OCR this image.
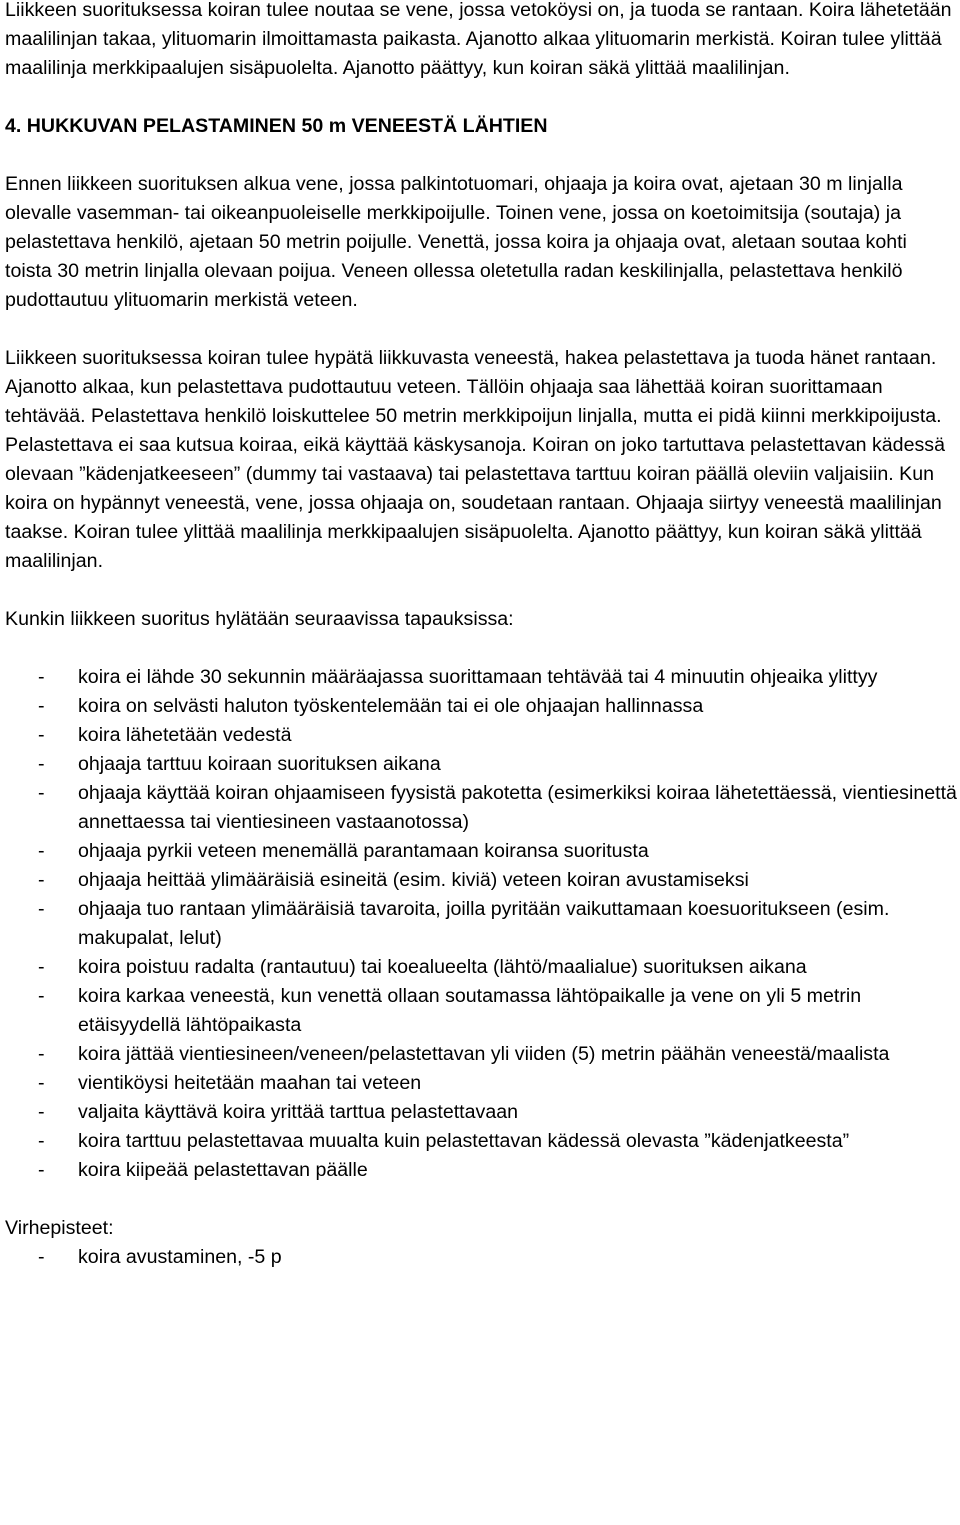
Liikkeen suorituksessa koiran tulee noutaa se vene, jossa vetoköysi on, ja tuoda se rantaan. Koira lähetetään maalilinjan takaa, ylituomarin ilmoittamasta paikasta. Ajanotto alkaa ylituomarin merkistä. Koiran tulee ylittää maalilinja merkkipaalujen sisäpuolelta. Ajanotto päättyy, kun koiran säkä ylittää maalilinjan.

4. HUKKUVAN PELASTAMINEN 50 m VENEESTÄ LÄHTIEN

Ennen liikkeen suorituksen alkua vene, jossa palkintotuomari, ohjaaja ja koira ovat, ajetaan 30 m linjalla olevalle vasemman- tai oikeanpuoleiselle merkkipoijulle. Toinen vene, jossa on koetoimitsija (soutaja) ja pelastettava henkilö, ajetaan 50 metrin poijulle. Venettä, jossa koira ja ohjaaja ovat, aletaan soutaa kohti toista 30 metrin linjalla olevaan poijua. Veneen ollessa oletetulla radan keskilinjalla, pelastettava henkilö pudottautuu ylituomarin merkistä veteen.

Liikkeen suorituksessa koiran tulee hypätä liikkuvasta veneestä, hakea pelastettava ja tuoda hänet rantaan. Ajanotto alkaa, kun pelastettava pudottautuu veteen. Tällöin ohjaaja saa lähettää koiran suorittamaan tehtävää. Pelastettava henkilö loiskuttelee 50 metrin merkkipoijun linjalla, mutta ei pidä kiinni merkkipoijusta. Pelastettava ei saa kutsua koiraa, eikä käyttää käskysanoja. Koiran on joko tartuttava pelastettavan kädessä olevaan ”kädenjatkeeseen” (dummy tai vastaava) tai pelastettava tarttuu koiran päällä oleviin valjaisiin. Kun koira on hypännyt veneestä, vene, jossa ohjaaja on, soudetaan rantaan. Ohjaaja siirtyy veneestä maalilinjan taakse. Koiran tulee ylittää maalilinja merkkipaalujen sisäpuolelta. Ajanotto päättyy, kun koiran säkä ylittää maalilinjan.

Kunkin liikkeen suoritus hylätään seuraavissa tapauksissa:

- koira ei lähde 30 sekunnin määräajassa suorittamaan tehtävää tai 4 minuutin ohjeaika ylittyy
- koira on selvästi haluton työskentelemään tai ei ole ohjaajan hallinnassa
- koira lähetetään vedestä
- ohjaaja tarttuu koiraan suorituksen aikana
- ohjaaja käyttää koiran ohjaamiseen fyysistä pakotetta (esimerkiksi koiraa lähetettäessä, vientiesinettä annettaessa tai vientiesineen vastaanotossa)
- ohjaaja pyrkii veteen menemällä parantamaan koiransa suoritusta
- ohjaaja heittää ylimääräisiä esineitä (esim. kiviä) veteen koiran avustamiseksi
- ohjaaja tuo rantaan ylimääräisiä tavaroita, joilla pyritään vaikuttamaan koesuoritukseen (esim. makupalat, lelut)
- koira poistuu radalta (rantautuu) tai koealueelta (lähtö/maalialue) suorituksen aikana
- koira karkaa veneestä, kun venettä ollaan soutamassa lähtöpaikalle ja vene on yli 5 metrin etäisyydellä lähtöpaikasta
- koira jättää vientiesineen/veneen/pelastettavan yli viiden (5) metrin päähän veneestä/maalista
- vientiköysi heitetään maahan tai veteen
- valjaita käyttävä koira yrittää tarttua pelastettavaan
- koira tarttuu pelastettavaa muualta kuin pelastettavan kädessä olevasta ”kädenjatkeesta”
- koira kiipeää pelastettavan päälle

Virhepisteet:

- koira avustaminen, -5 p
